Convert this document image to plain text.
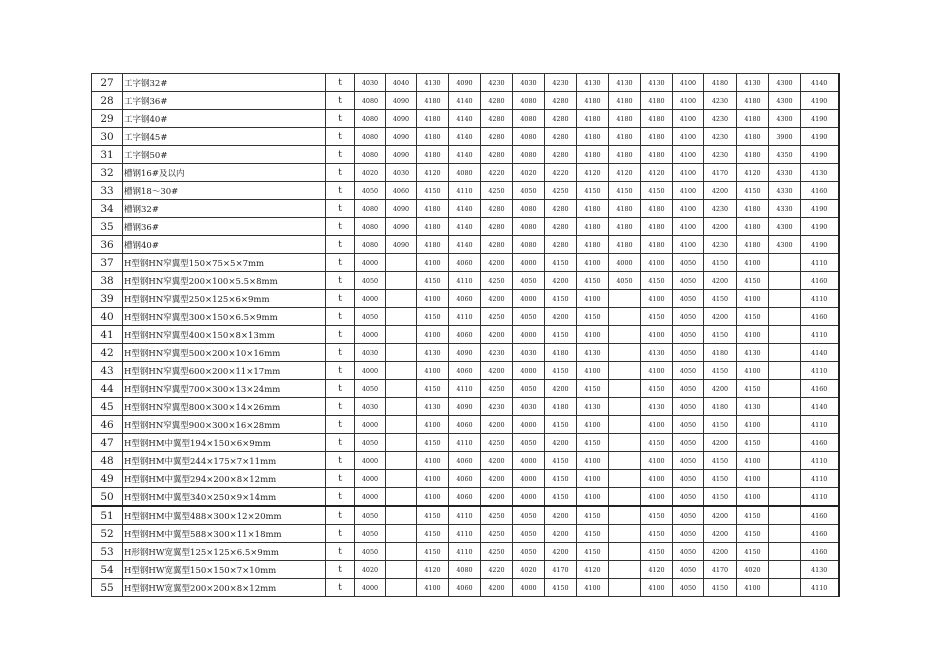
27	工字钢32#	t	4030	4040	4130	4090	4230	4030	4230	4130	4130	4130	4100	4180	4130	4300	4140
28	工字钢36#	t	4080	4090	4180	4140	4280	4080	4280	4180	4180	4180	4100	4230	4180	4300	4190
29	工字钢40#	t	4080	4090	4180	4140	4280	4080	4280	4180	4180	4180	4100	4230	4180	4300	4190
30	工字钢45#	t	4080	4090	4180	4140	4280	4080	4280	4180	4180	4180	4100	4230	4180	3900	4190
31	工字钢50#	t	4080	4090	4180	4140	4280	4080	4280	4180	4180	4180	4100	4230	4180	4350	4190
32	槽钢16#及以内	t	4020	4030	4120	4080	4220	4020	4220	4120	4120	4120	4100	4170	4120	4330	4130
33	槽钢18～30#	t	4050	4060	4150	4110	4250	4050	4250	4150	4150	4150	4100	4200	4150	4330	4160
34	槽钢32#	t	4080	4090	4180	4140	4280	4080	4280	4180	4180	4180	4100	4230	4180	4330	4190
35	槽钢36#	t	4080	4090	4180	4140	4280	4080	4280	4180	4180	4180	4100	4200	4180	4300	4190
36	槽钢40#	t	4080	4090	4180	4140	4280	4080	4280	4180	4180	4180	4100	4230	4180	4300	4190
37	H型钢HN窄翼型150×75×5×7mm	t	4000		4100	4060	4200	4000	4150	4100	4000	4100	4050	4150	4100		4110
38	H型钢HN窄翼型200×100×5.5×8mm	t	4050		4150	4110	4250	4050	4200	4150	4050	4150	4050	4200	4150		4160
39	H型钢HN窄翼型250×125×6×9mm	t	4000		4100	4060	4200	4000	4150	4100		4100	4050	4150	4100		4110
40	H型钢HN窄翼型300×150×6.5×9mm	t	4050		4150	4110	4250	4050	4200	4150		4150	4050	4200	4150		4160
41	H型钢HN窄翼型400×150×8×13mm	t	4000		4100	4060	4200	4000	4150	4100		4100	4050	4150	4100		4110
42	H型钢HN窄翼型500×200×10×16mm	t	4030		4130	4090	4230	4030	4180	4130		4130	4050	4180	4130		4140
43	H型钢HN窄翼型600×200×11×17mm	t	4000		4100	4060	4200	4000	4150	4100		4100	4050	4150	4100		4110
44	H型钢HN窄翼型700×300×13×24mm	t	4050		4150	4110	4250	4050	4200	4150		4150	4050	4200	4150		4160
45	H型钢HN窄翼型800×300×14×26mm	t	4030		4130	4090	4230	4030	4180	4130		4130	4050	4180	4130		4140
46	H型钢HN窄翼型900×300×16×28mm	t	4000		4100	4060	4200	4000	4150	4100		4100	4050	4150	4100		4110
47	H型钢HM中翼型194×150×6×9mm	t	4050		4150	4110	4250	4050	4200	4150		4150	4050	4200	4150		4160
48	H型钢HM中翼型244×175×7×11mm	t	4000		4100	4060	4200	4000	4150	4100		4100	4050	4150	4100		4110
49	H型钢HM中翼型294×200×8×12mm	t	4000		4100	4060	4200	4000	4150	4100		4100	4050	4150	4100		4110
50	H型钢HM中翼型340×250×9×14mm	t	4000		4100	4060	4200	4000	4150	4100		4100	4050	4150	4100		4110
51	H型钢HM中翼型488×300×12×20mm	t	4050		4150	4110	4250	4050	4200	4150		4150	4050	4200	4150		4160
52	H型钢HM中翼型588×300×11×18mm	t	4050		4150	4110	4250	4050	4200	4150		4150	4050	4200	4150		4160
53	H形钢HW宽翼型125×125×6.5×9mm	t	4050		4150	4110	4250	4050	4200	4150		4150	4050	4200	4150		4160
54	H型钢HW宽翼型150×150×7×10mm	t	4020		4120	4080	4220	4020	4170	4120		4120	4050	4170	4020		4130
55	H型钢HW宽翼型200×200×8×12mm	t	4000		4100	4060	4200	4000	4150	4100		4100	4050	4150	4100		4110
